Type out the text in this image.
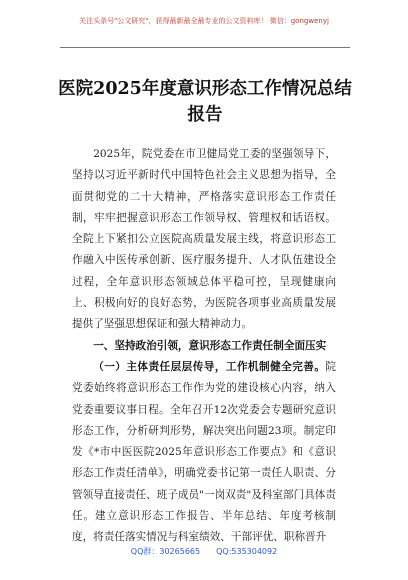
关注头条号"公文研究"，获得最新最全最专业的公文资料库！ 微信：gongwenyj
医院2025年度意识形态工作情况总结报告

2025年，院党委在市卫健局党工委的坚强领导下，坚持以习近平新时代中国特色社会主义思想为指导，全面贯彻党的二十大精神，严格落实意识形态工作责任制，牢牢把握意识形态工作领导权、管理权和话语权。全院上下紧扣公立医院高质量发展主线，将意识形态工作融入中医传承创新、医疗服务提升、人才队伍建设全过程，全年意识形态领域总体平稳可控，呈现健康向上、积极向好的良好态势，为医院各项事业高质量发展提供了坚强思想保证和强大精神动力。

一、坚持政治引领，意识形态工作责任制全面压实

（一）主体责任层层传导，工作机制健全完善。院党委始终将意识形态工作作为党的建设核心内容，纳入党委重要议事日程。全年召开12次党委会专题研究意识形态工作，分析研判形势，解决突出问题23项。制定印发《*市中医医院2025年意识形态工作要点》和《意识形态工作责任清单》，明确党委书记第一责任人职责、分管领导直接责任、班子成员"一岗双责"及科室部门具体责任。建立意识形态工作报告、半年总结、年度考核制度，将责任落实情况与科室绩效、干部评优、职称晋升

QQ群：30265665 QQ:535304092
